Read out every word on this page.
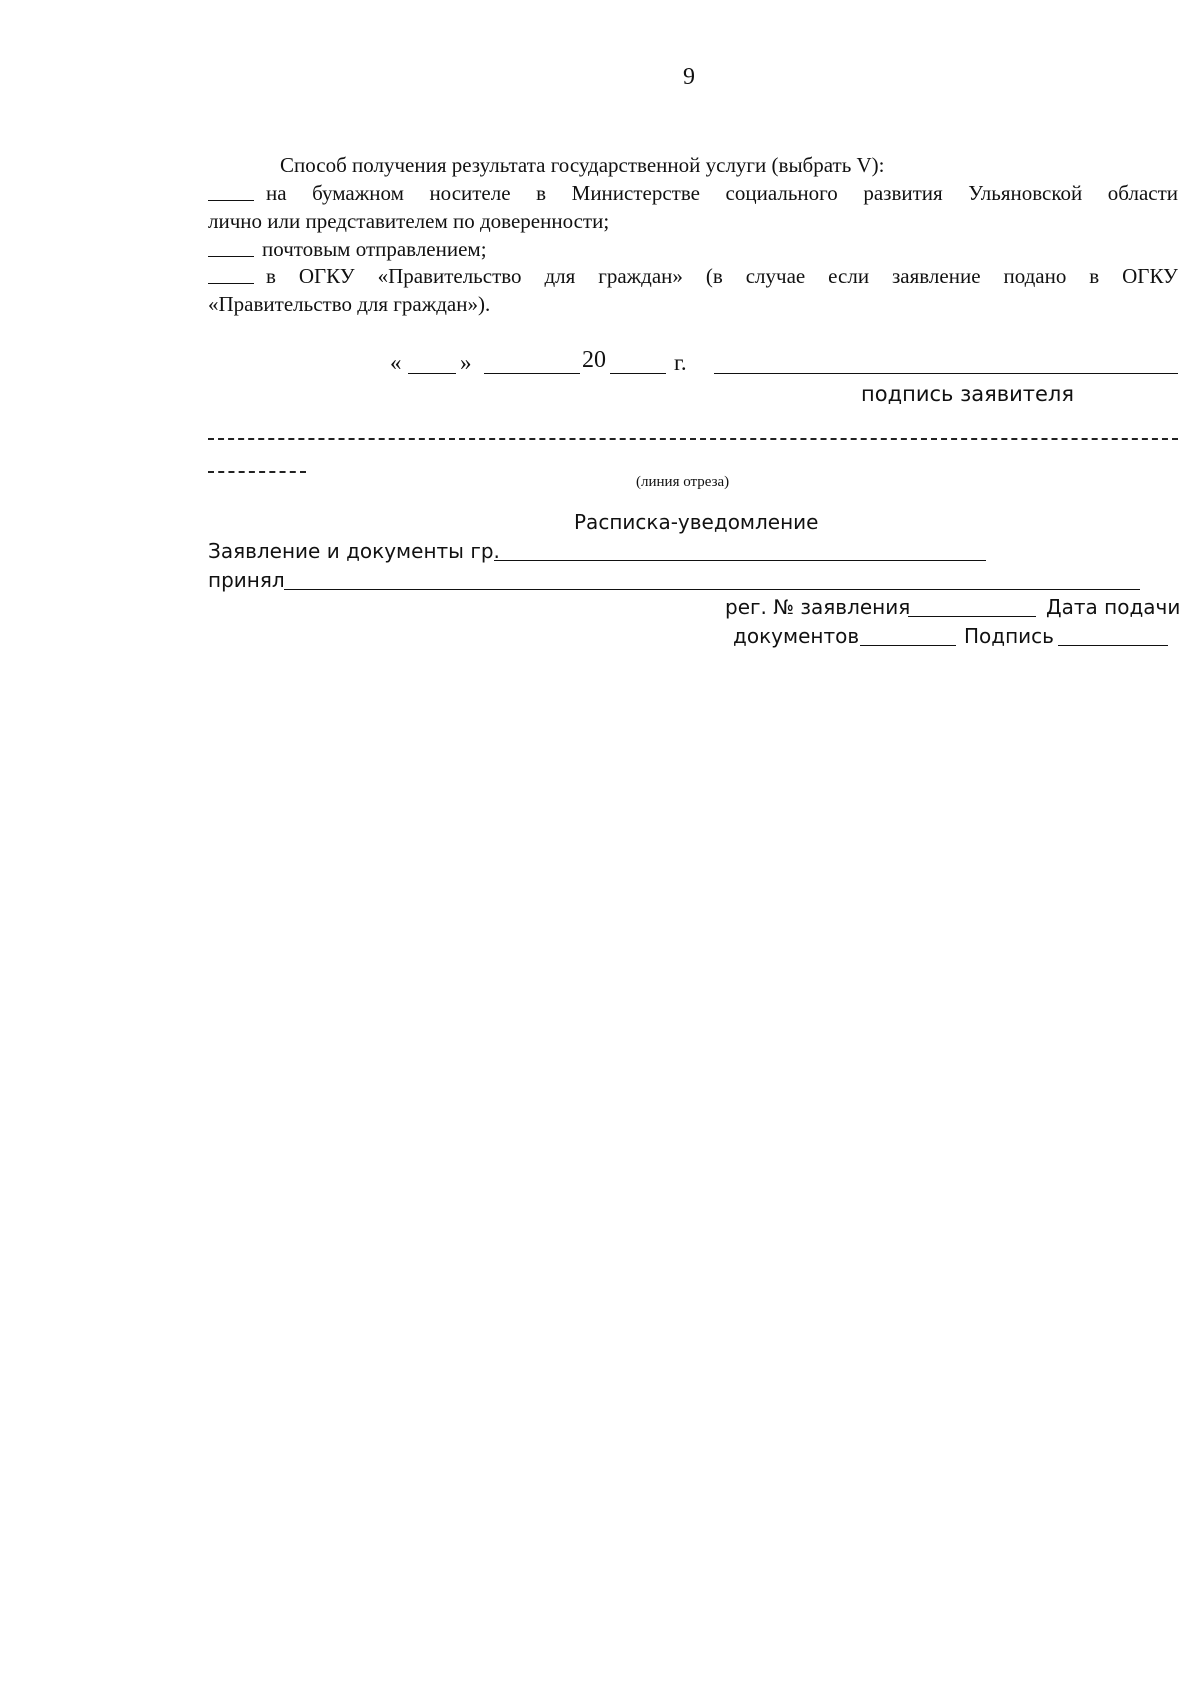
9
Способ получения результата государственной услуги (выбрать V):
на бумажном носителе в Министерстве социального развития Ульяновской области
лично или представителем по доверенности;
почтовым отправлением;
в ОГКУ «Правительство для граждан» (в случае если заявление подано в ОГКУ
«Правительство для граждан»).
«	»	20	г.
подпись заявителя
(линия отреза)
Расписка-уведомление
Заявление и документы гр.
принял
рег. № заявления	Дата подачи
документов	Подпись
